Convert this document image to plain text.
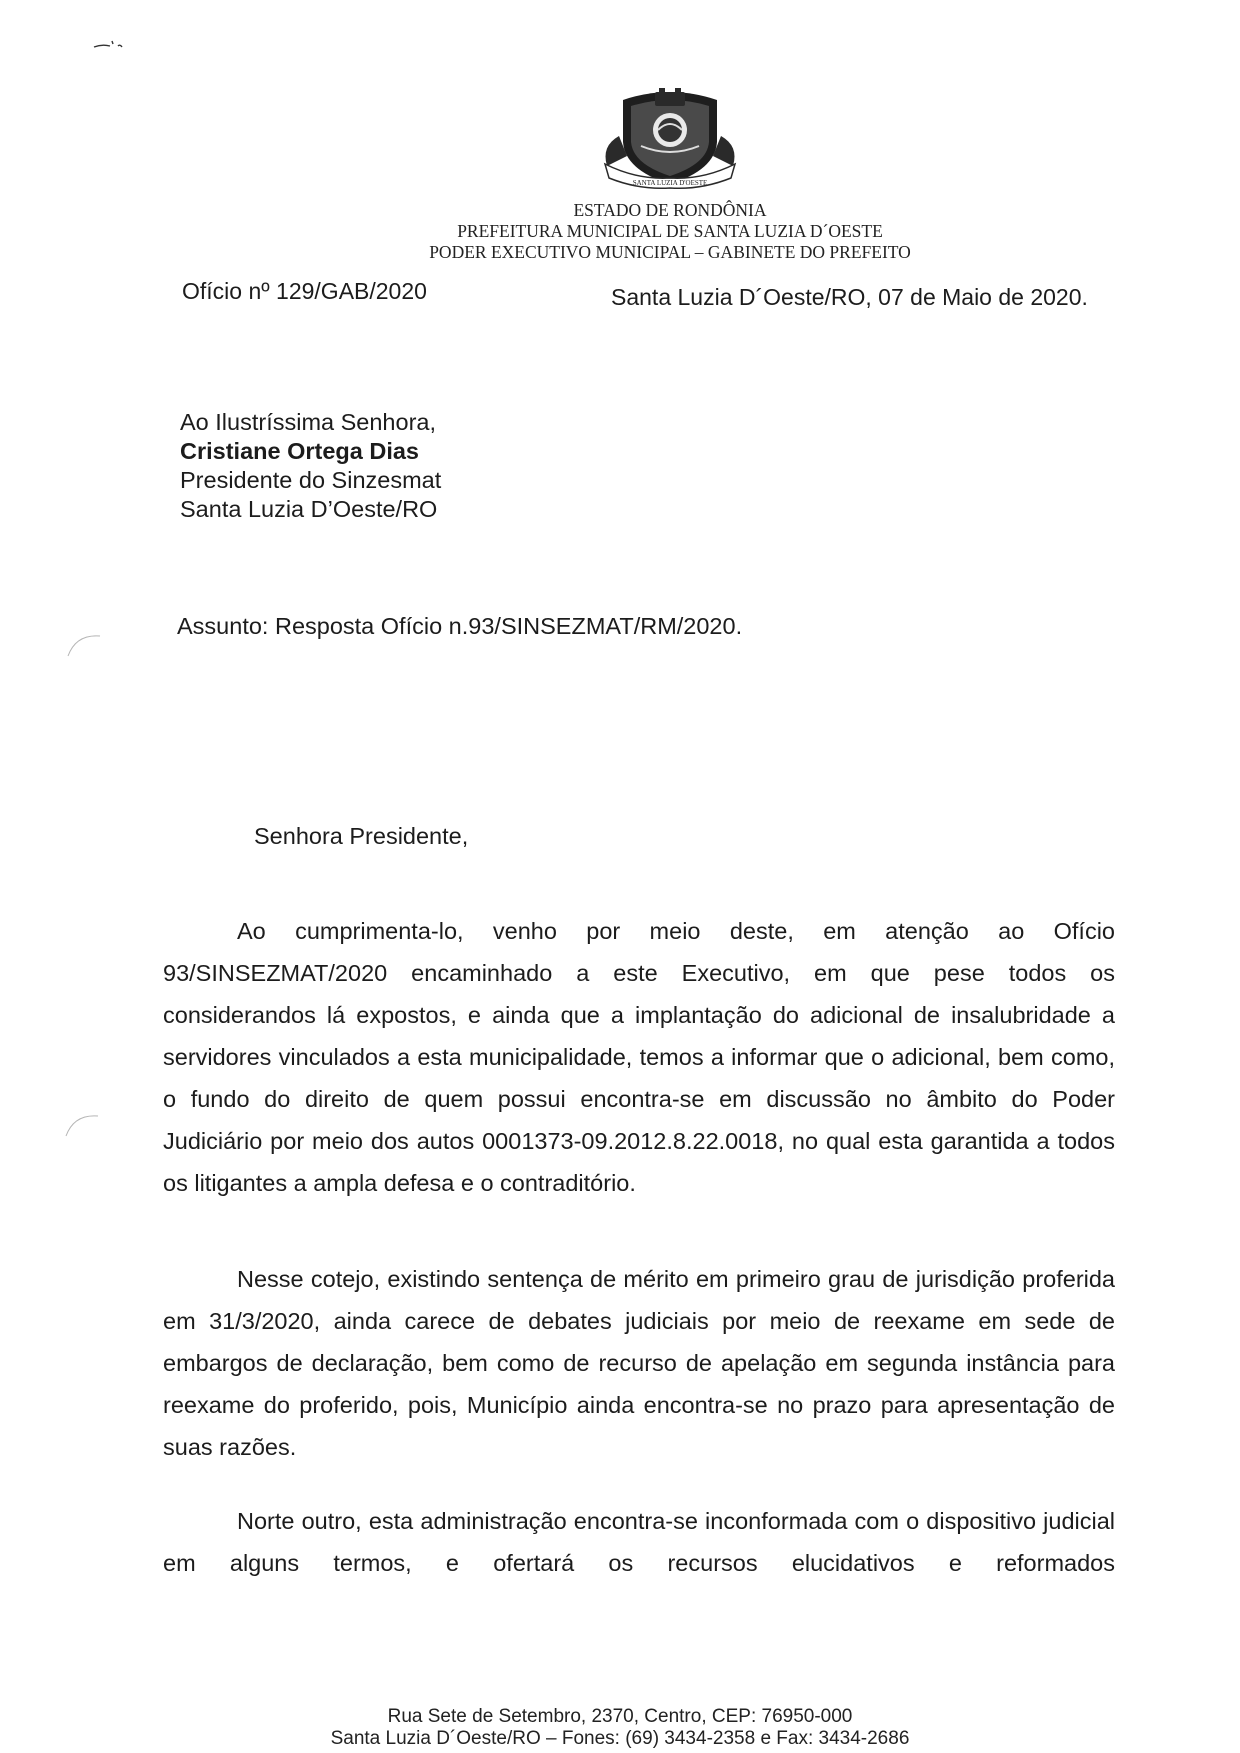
SANTA LUZIA D'OESTE
ESTADO DE RONDÔNIA
PREFEITURA MUNICIPAL DE SANTA LUZIA D´OESTE
PODER EXECUTIVO MUNICIPAL – GABINETE DO PREFEITO
Ofício nº 129/GAB/2020	Santa Luzia D´Oeste/RO, 07 de Maio de 2020.
Ao Ilustríssima Senhora,
Cristiane Ortega Dias
Presidente do Sinzesmat
Santa Luzia D’Oeste/RO
Assunto: Resposta Ofício n.93/SINSEZMAT/RM/2020.
Senhora Presidente,

Ao cumprimenta-lo, venho por meio deste, em atenção ao Ofício 93/SINSEZMAT/2020 encaminhado a este Executivo, em que pese todos os considerandos lá expostos, e ainda que a implantação do adicional de insalubridade a servidores vinculados a esta municipalidade, temos a informar que o adicional, bem como, o fundo do direito de quem possui encontra-se em discussão no âmbito do Poder Judiciário por meio dos autos 0001373-09.2012.8.22.0018, no qual esta garantida a todos os litigantes a ampla defesa e o contraditório.

Nesse cotejo, existindo sentença de mérito em primeiro grau de jurisdição proferida em 31/3/2020, ainda carece de debates judiciais por meio de reexame em sede de embargos de declaração, bem como de recurso de apelação em segunda instância para reexame do proferido, pois, Município ainda encontra-se no prazo para apresentação de suas razões.

Norte outro, esta administração encontra-se inconformada com o dispositivo judicial em alguns termos, e ofertará os recursos elucidativos e reformados

Rua Sete de Setembro, 2370, Centro, CEP: 76950-000
Santa Luzia D´Oeste/RO – Fones: (69) 3434-2358 e Fax: 3434-2686
